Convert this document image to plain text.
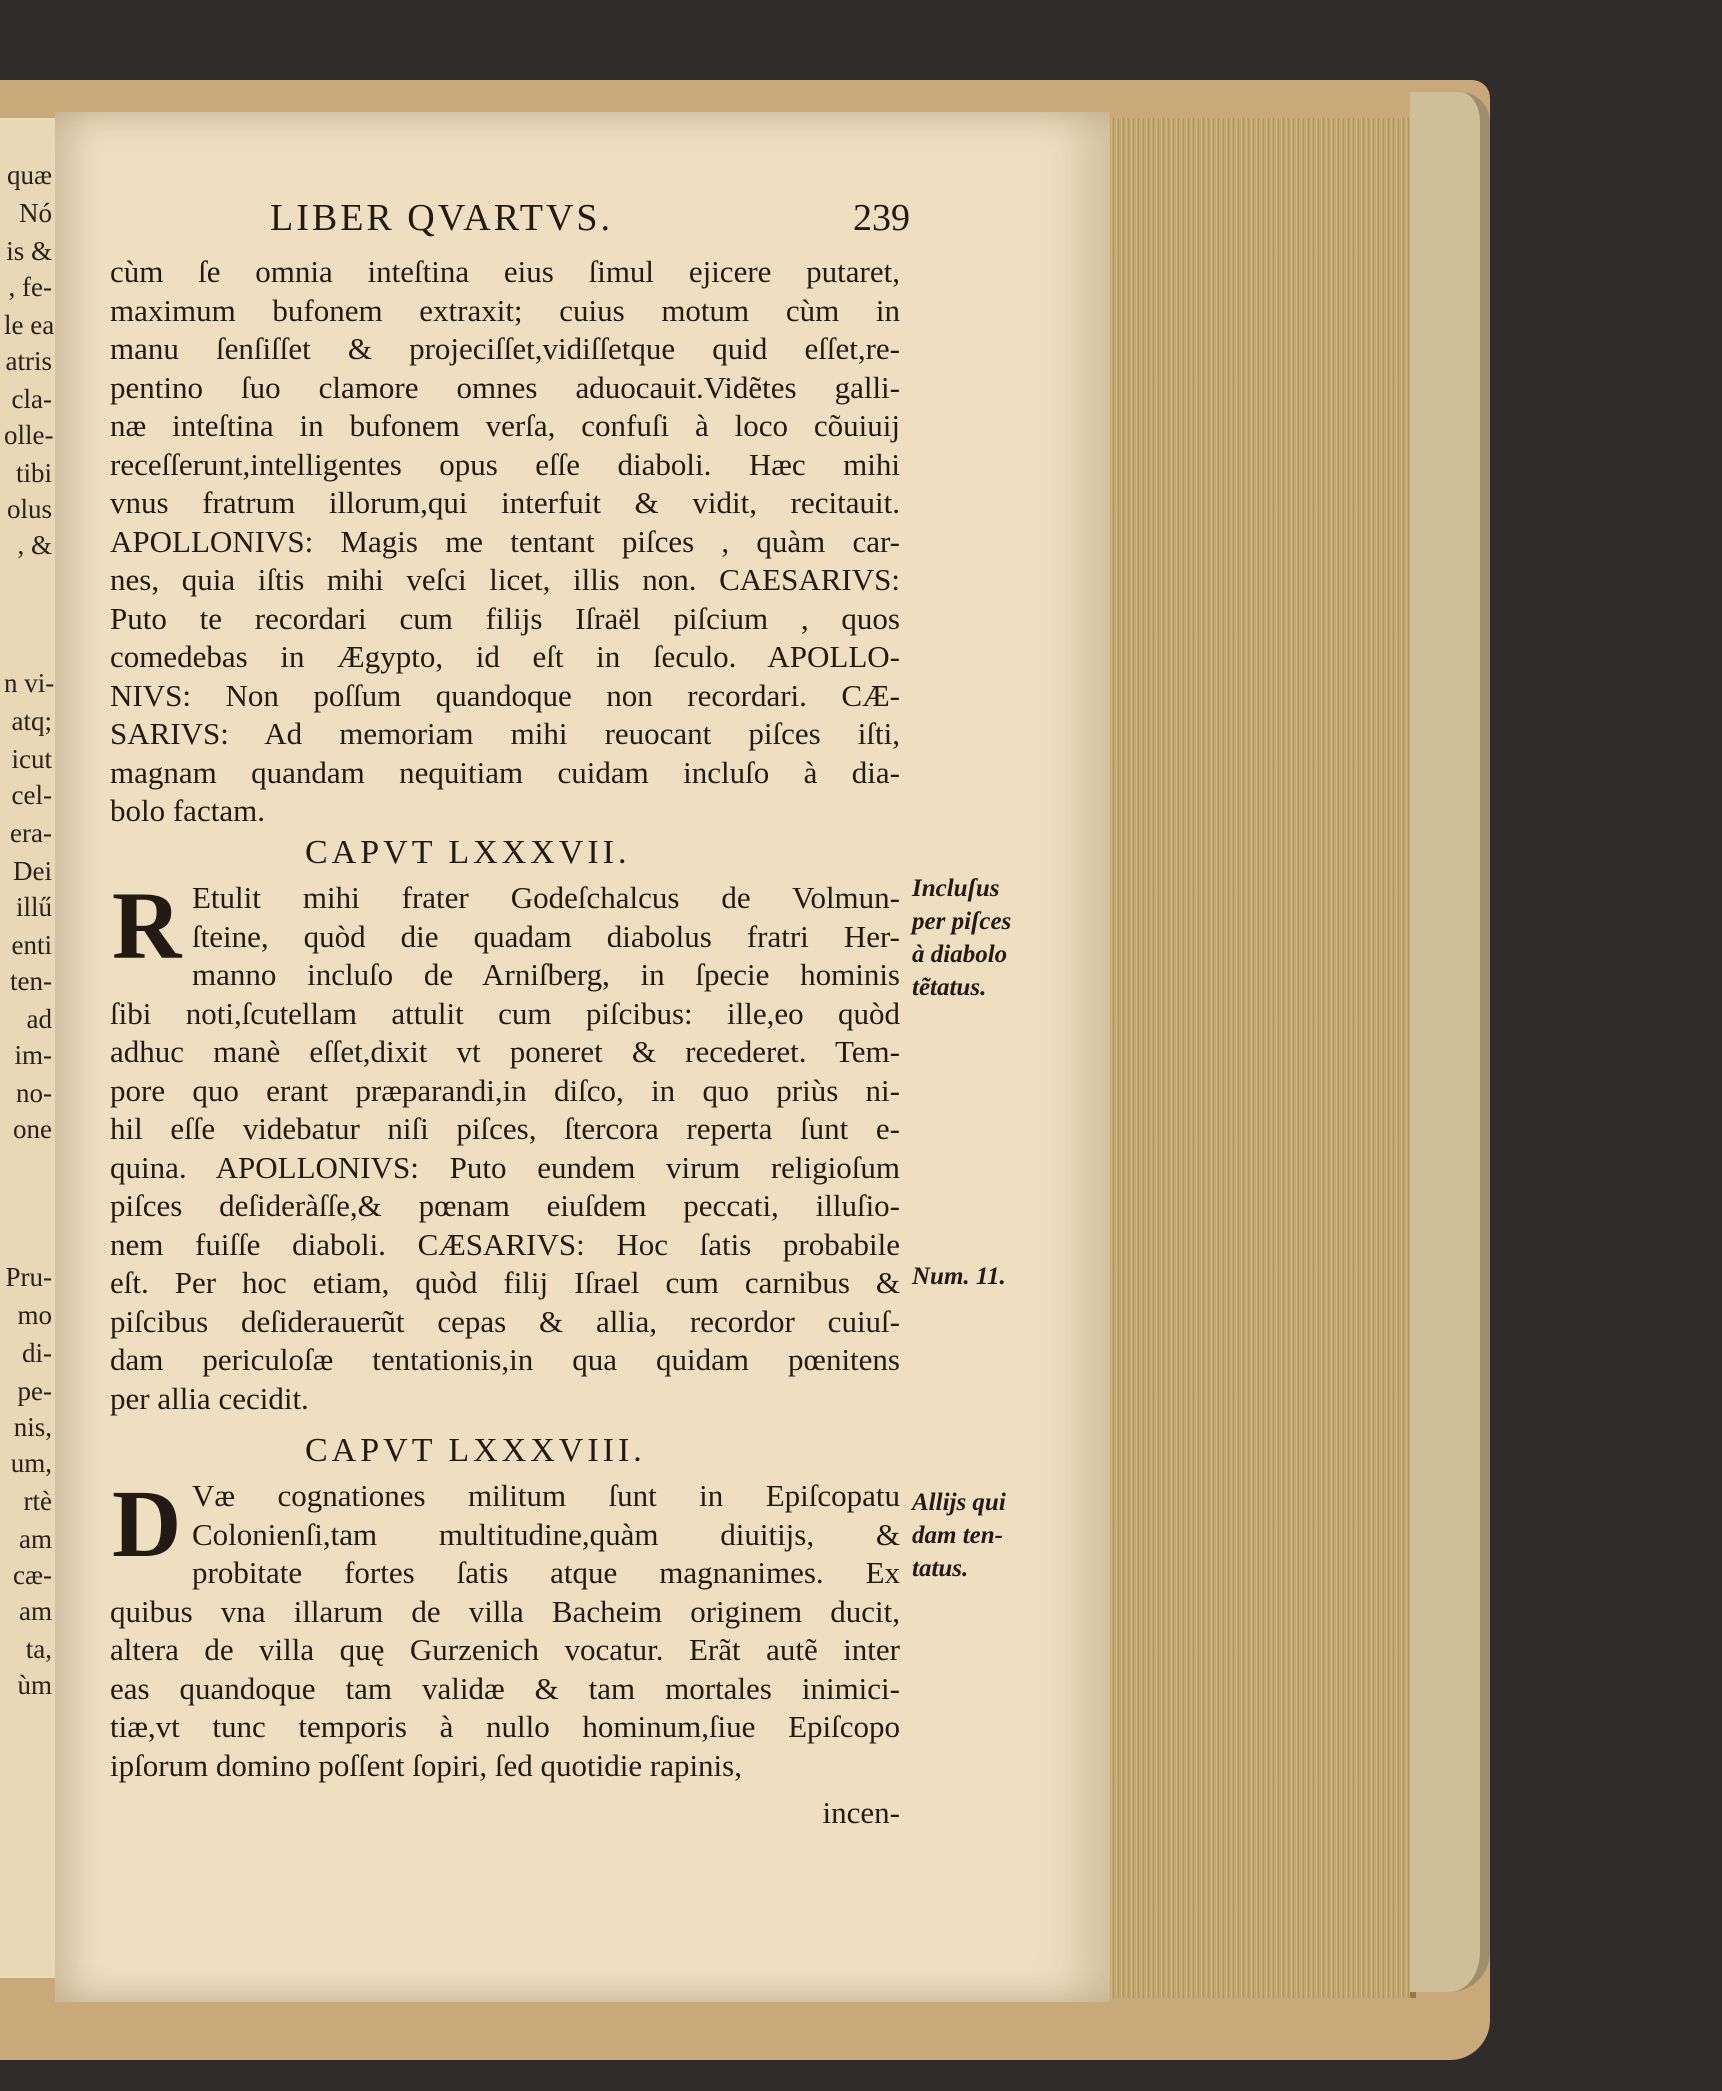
quæ
Nó
is &
, fe-
le ea
atris
cla-
olle-
tibi
olus
, &
n vi-
atq;
icut
cel-
era-
Dei
illű
enti
ten-
ad
im-
no-
one
Pru-
mo
di-
pe-
nis,
um,
rtè
am
cæ-
am
ta,
ùm
LIBER QVARTVS.	239
cùm ſe omnia inteſtina eius ſimul ejicere putaret,
maximum bufonem extraxit; cuius motum cùm in
manu ſenſiſſet & projeciſſet,vidiſſetque quid eſſet,re-
pentino ſuo clamore omnes aduocauit.Vidẽtes galli-
næ inteſtina in bufonem verſa, confuſi à loco cõuiuij
receſſerunt,intelligentes opus eſſe diaboli. Hæc mihi
vnus fratrum illorum,qui interfuit & vidit, recitauit.
APOLLONIVS: Magis me tentant piſces , quàm car-
nes, quia iſtis mihi veſci licet, illis non. CAESARIVS:
Puto te recordari cum filijs Iſraël piſcium , quos
comedebas in Ægypto, id eſt in ſeculo. APOLLO-
NIVS: Non poſſum quandoque non recordari. CÆ-
SARIVS: Ad memoriam mihi reuocant piſces iſti,
magnam quandam nequitiam cuidam incluſo à dia-
bolo factam.
CAPVT LXXXVII.
R Etulit mihi frater Godeſchalcus de Volmun-
ſteine, quòd die quadam diabolus fratri Her-
manno incluſo de Arniſberg, in ſpecie hominis
ſibi noti,ſcutellam attulit cum piſcibus: ille,eo quòd
adhuc manè eſſet,dixit vt poneret & recederet. Tem-
pore quo erant præparandi,in diſco, in quo priùs ni-
hil eſſe videbatur niſi piſces, ſtercora reperta ſunt e-
quina. APOLLONIVS: Puto eundem virum religioſum
piſces deſideràſſe,& pœnam eiuſdem peccati, illuſio-
nem fuiſſe diaboli. CÆSARIVS: Hoc ſatis probabile
eſt. Per hoc etiam, quòd filij Iſrael cum carnibus &
piſcibus deſiderauerũt cepas & allia, recordor cuiuſ-
dam periculoſæ tentationis,in qua quidam pœnitens
per allia cecidit.
CAPVT LXXXVIII.
D Væ cognationes militum ſunt in Epiſcopatu
Colonienſi,tam multitudine,quàm diuitijs, &
probitate fortes ſatis atque magnanimes. Ex
quibus vna illarum de villa Bacheim originem ducit,
altera de villa quę Gurzenich vocatur. Erãt autẽ inter
eas quandoque tam validæ & tam mortales inimici-
tiæ,vt tunc temporis à nullo hominum,ſiue Epiſcopo
ipſorum domino poſſent ſopiri, ſed quotidie rapinis,
incen-
Incluſus
per piſces
à diabolo
tẽtatus.
Num. 11.
Allijs qui
dam ten-
tatus.
